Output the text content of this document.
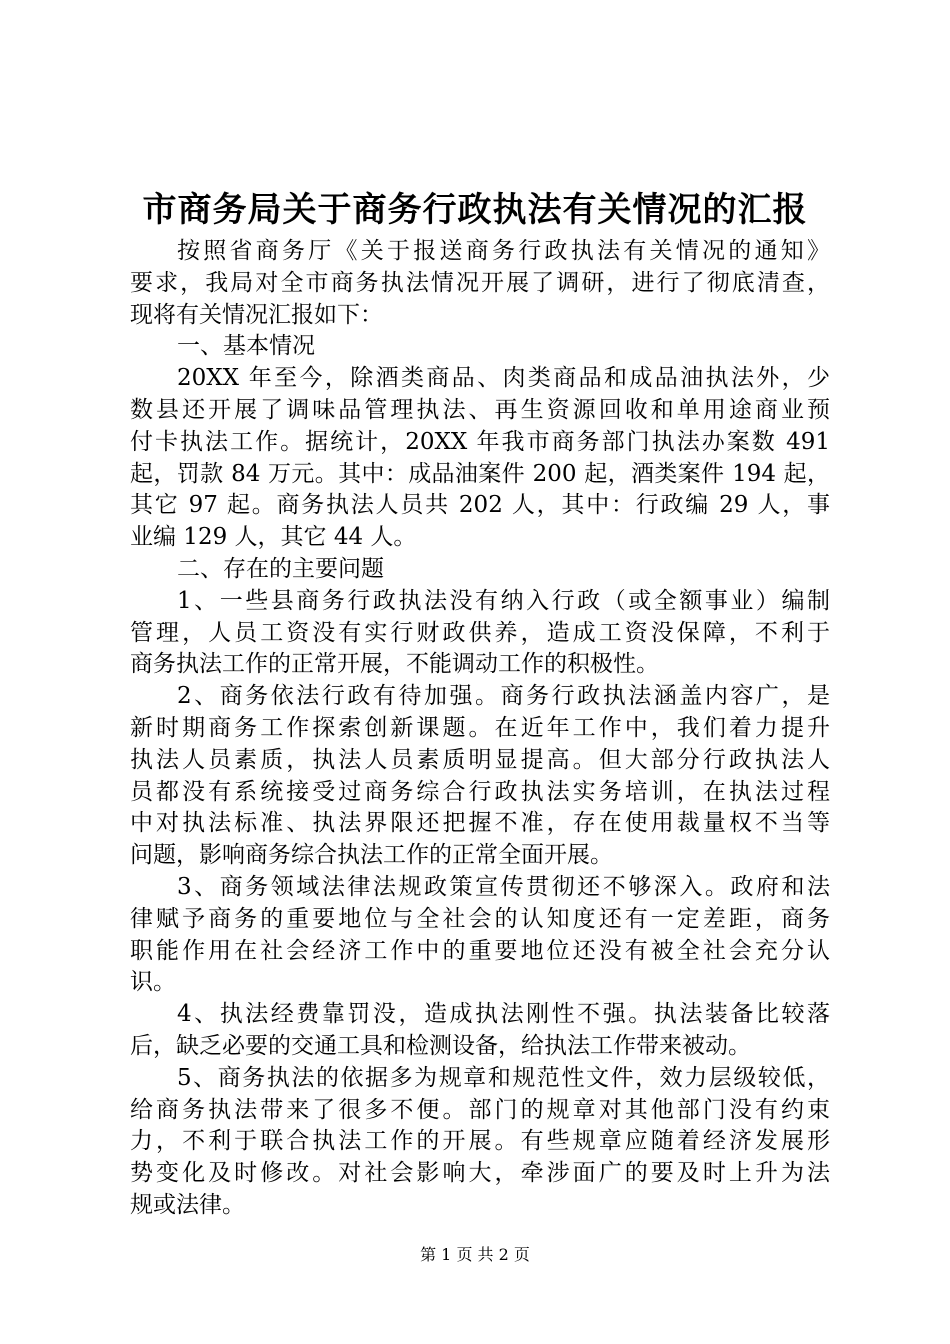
市商务局关于商务行政执法有关情况的汇报
按照省商务厅《关于报送商务行政执法有关情况的通知》
要求，我局对全市商务执法情况开展了调研，进行了彻底清查，
现将有关情况汇报如下：
一、基本情况
20XX 年至今，除酒类商品、肉类商品和成品油执法外，少
数县还开展了调味品管理执法、再生资源回收和单用途商业预
付卡执法工作。据统计，20XX 年我市商务部门执法办案数 491
起，罚款 84 万元。其中：成品油案件 200 起，酒类案件 194 起，
其它 97 起。商务执法人员共 202 人，其中：行政编 29 人，事
业编 129 人，其它 44 人。
二、存在的主要问题
1、一些县商务行政执法没有纳入行政（或全额事业）编制
管理，人员工资没有实行财政供养，造成工资没保障，不利于
商务执法工作的正常开展，不能调动工作的积极性。
2、商务依法行政有待加强。商务行政执法涵盖内容广，是
新时期商务工作探索创新课题。在近年工作中，我们着力提升
执法人员素质，执法人员素质明显提高。但大部分行政执法人
员都没有系统接受过商务综合行政执法实务培训，在执法过程
中对执法标准、执法界限还把握不准，存在使用裁量权不当等
问题，影响商务综合执法工作的正常全面开展。
3、商务领域法律法规政策宣传贯彻还不够深入。政府和法
律赋予商务的重要地位与全社会的认知度还有一定差距，商务
职能作用在社会经济工作中的重要地位还没有被全社会充分认
识。
4、执法经费靠罚没，造成执法刚性不强。执法装备比较落
后，缺乏必要的交通工具和检测设备，给执法工作带来被动。
5、商务执法的依据多为规章和规范性文件，效力层级较低，
给商务执法带来了很多不便。部门的规章对其他部门没有约束
力，不利于联合执法工作的开展。有些规章应随着经济发展形
势变化及时修改。对社会影响大，牵涉面广的要及时上升为法
规或法律。
第 1 页 共 2 页
